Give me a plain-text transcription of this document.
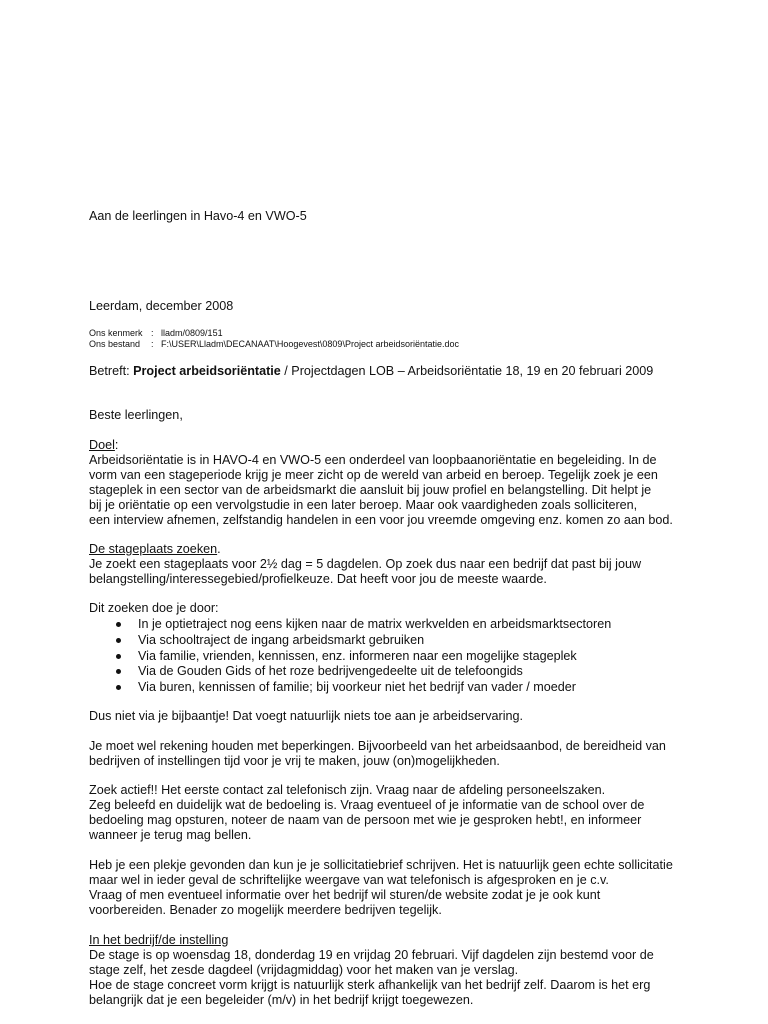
Aan de leerlingen in Havo-4 en VWO-5
Leerdam, december 2008
Ons kenmerk : lladm/0809/151
Ons bestand : F:\USER\Lladm\DECANAAT\Hoogevest\0809\Project arbeidsoriëntatie.doc
Betreft: Project arbeidsoriëntatie / Projectdagen LOB – Arbeidsoriëntatie 18, 19 en 20 februari 2009
Beste leerlingen,
Doel:
Arbeidsoriëntatie is in HAVO-4 en VWO-5 een onderdeel van loopbaanoriëntatie en begeleiding. In de
vorm van een stageperiode krijg je meer zicht op de wereld van arbeid en beroep. Tegelijk zoek je een
stageplek in een sector van de arbeidsmarkt die aansluit bij jouw profiel en belangstelling. Dit helpt je
bij je oriëntatie op een vervolgstudie in een later beroep. Maar ook vaardigheden zoals solliciteren,
een interview afnemen, zelfstandig handelen in een voor jou vreemde omgeving enz. komen zo aan bod.
De stageplaats zoeken.
Je zoekt een stageplaats voor 2½ dag = 5 dagdelen. Op zoek dus naar een bedrijf dat past bij jouw
belangstelling/interessegebied/profielkeuze. Dat heeft voor jou de meeste waarde.
Dit zoeken doe je door:
In je optietraject nog eens kijken naar de matrix werkvelden en arbeidsmarktsectoren
Via schooltraject de ingang arbeidsmarkt gebruiken
Via familie, vrienden, kennissen, enz. informeren naar een mogelijke stageplek
Via de Gouden Gids of het roze bedrijvengedeelte uit de telefoongids
Via buren, kennissen of familie; bij voorkeur niet het bedrijf van vader / moeder
Dus niet via je bijbaantje! Dat voegt natuurlijk niets toe aan je arbeidservaring.
Je moet wel rekening houden met beperkingen. Bijvoorbeeld van het arbeidsaanbod, de bereidheid van
bedrijven of instellingen tijd voor je vrij te maken, jouw (on)mogelijkheden.
Zoek actief!! Het eerste contact zal telefonisch zijn. Vraag naar de afdeling personeelszaken.
Zeg beleefd en duidelijk wat de bedoeling is. Vraag eventueel of je informatie van de school over de
bedoeling mag opsturen, noteer de naam van de persoon met wie je gesproken hebt!, en informeer
wanneer je terug mag bellen.
Heb je een plekje gevonden dan kun je je sollicitatiebrief schrijven. Het is natuurlijk geen echte sollicitatie
maar wel in ieder geval de schriftelijke weergave van wat telefonisch is afgesproken en je c.v.
Vraag of men eventueel informatie over het bedrijf wil sturen/de website zodat je je ook kunt
voorbereiden. Benader zo mogelijk meerdere bedrijven tegelijk.
In het bedrijf/de instelling
De stage is op woensdag 18, donderdag 19 en vrijdag 20 februari. Vijf dagdelen zijn bestemd voor de
stage zelf, het zesde dagdeel (vrijdagmiddag) voor het maken van je verslag.
Hoe de stage concreet vorm krijgt is natuurlijk sterk afhankelijk van het bedrijf zelf. Daarom is het erg
belangrijk dat je een begeleider (m/v) in het bedrijf krijgt toegewezen.
